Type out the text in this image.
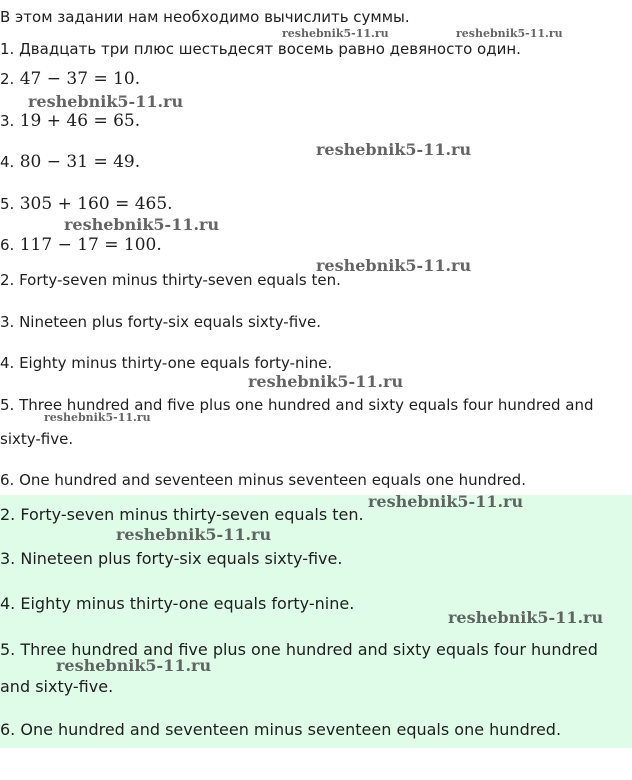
В этом задании нам необходимо вычислить суммы.
1. Двадцать три плюс шестьдесят восемь равно девяносто один.
2. 47 − 37 = 10.
3. 19 + 46 = 65.
4. 80 − 31 = 49.
5. 305 + 160 = 465.
6. 117 − 17 = 100.
2. Forty-seven minus thirty-seven equals ten.
3. Nineteen plus forty-six equals sixty-five.
4. Eighty minus thirty-one equals forty-nine.
5. Three hundred and five plus one hundred and sixty equals four hundred and sixty-five.
6. One hundred and seventeen minus seventeen equals one hundred.
2. Forty-seven minus thirty-seven equals ten.
3. Nineteen plus forty-six equals sixty-five.
4. Eighty minus thirty-one equals forty-nine.
5. Three hundred and five plus one hundred and sixty equals four hundred and sixty-five.
6. One hundred and seventeen minus seventeen equals one hundred.
reshebnik5-11.ru	reshebnik5-11.ru
reshebnik5-11.ru
reshebnik5-11.ru
reshebnik5-11.ru
reshebnik5-11.ru
reshebnik5-11.ru
reshebnik5-11.ru
reshebnik5-11.ru
reshebnik5-11.ru
reshebnik5-11.ru
reshebnik5-11.ru
